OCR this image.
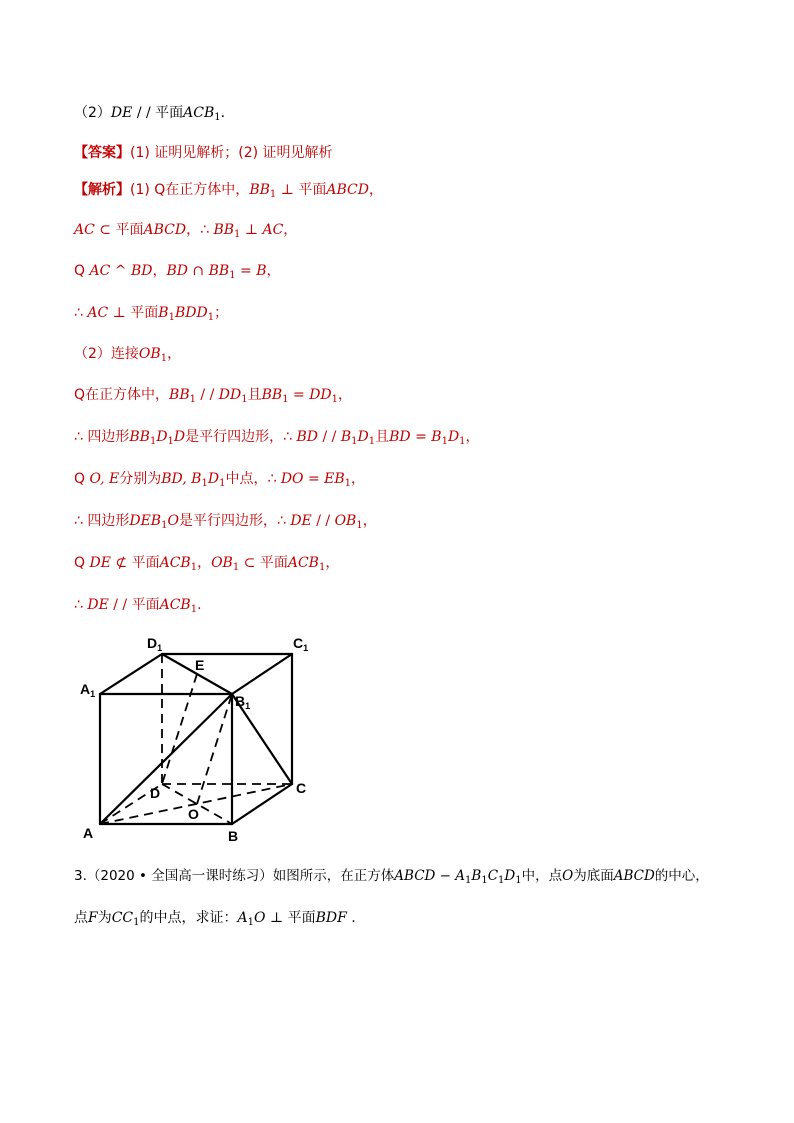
（2）DE / / 平面$ACB_1$.
【答案】(1) 证明见解析；(2) 证明见解析
【解析】(1) Q在正方体中，$BB_1$ ⊥ 平面ABCD，
AC ⊂ 平面ABCD，∴ $BB_1$ ⊥ AC，
Q AC ^ BD，BD ∩ $BB_1 = B$，
∴ AC ⊥ 平面$B_1BDD_1$；
（2）连接$OB_1$，
Q在正方体中，$BB_1$ / / $DD_1$且$BB_1 = DD_1$，
∴ 四边形$BB_1D_1D$是平行四边形，∴ BD / / $B_1D_1$且BD = $B_1D_1$，
Q O, E分别为BD, $B_1D_1$中点，∴ DO = $EB_1$，
∴ 四边形$DEB_1O$是平行四边形，∴ DE / / $OB_1$，
Q DE ⊄ 平面$ACB_1$，$OB_1$ ⊂ 平面$ACB_1$，
∴ DE / / 平面$ACB_1$.
$D_1$	$C_1$
E
$A_1$	$B_1$
D	C
O
A	B
3.（2020 • 全国高一课时练习）如图所示，在正方体ABCD − $A_1B_1C_1D_1$中，点O为底面ABCD的中心，
点F为$CC_1$的中点，求证：$A_1O$ ⊥ 平面BDF .
